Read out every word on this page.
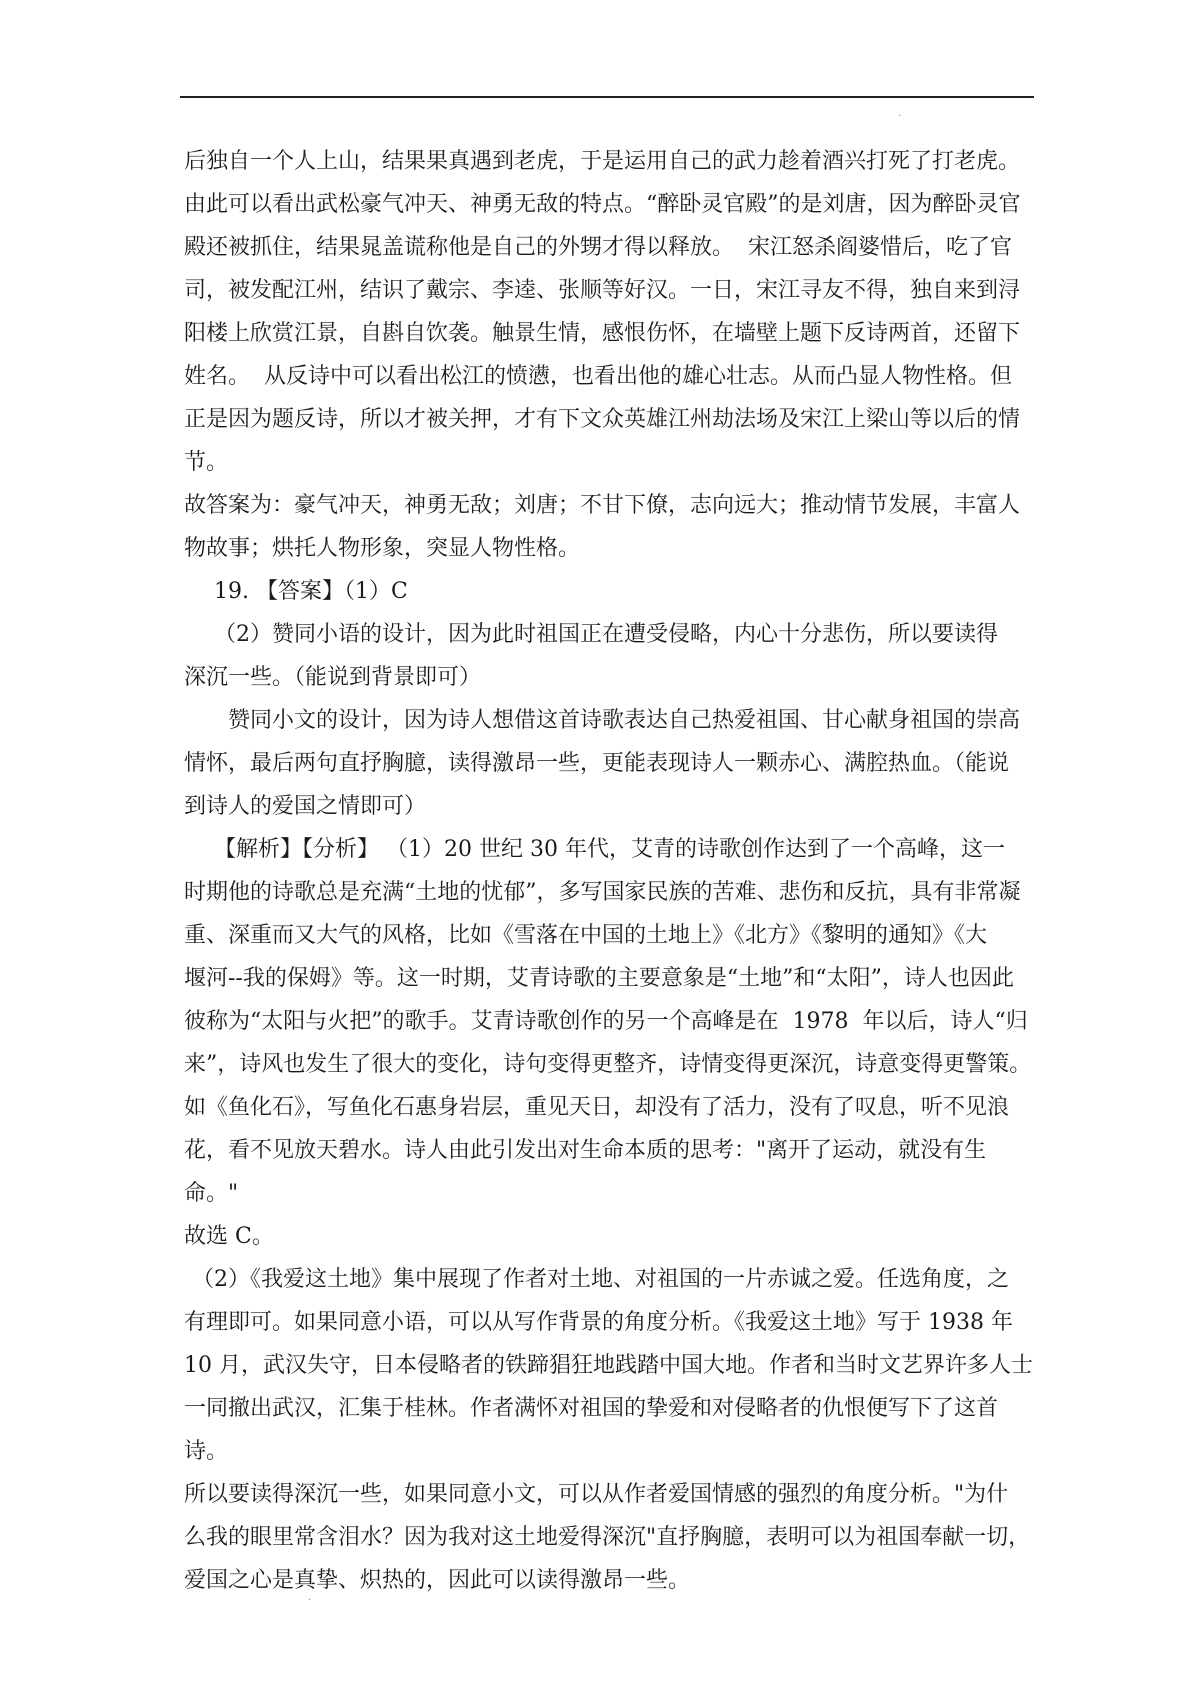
.

后独自一个人上山，结果果真遇到老虎，于是运用自己的武力趁着酒兴打死了打老虎。

由此可以看出武松豪气冲天、神勇无敌的特点。“醉卧灵官殿”的是刘唐，因为醉卧灵官

殿还被抓住，结果晁盖谎称他是自己的外甥才得以释放。  宋江怒杀阎婆惜后，吃了官

司，被发配江州，结识了戴宗、李逵、张顺等好汉。一日，宋江寻友不得，独自来到浔

阳楼上欣赏江景，自斟自饮袭。触景生情，感恨伤怀，在墙壁上题下反诗两首，还留下

姓名。  从反诗中可以看出松江的愤懑，也看出他的雄心壮志。从而凸显人物性格。但

正是因为题反诗，所以才被关押，才有下文众英雄江州劫法场及宋江上梁山等以后的情

节。

故答案为：豪气冲天，神勇无敌；刘唐；不甘下僚，志向远大；推动情节发展，丰富人

物故事；烘托人物形象，突显人物性格。

19. 【答案】（1）C

（2）赞同小语的设计，因为此时祖国正在遭受侵略，内心十分悲伤，所以要读得

深沉一些。（能说到背景即可）

赞同小文的设计，因为诗人想借这首诗歌表达自己热爱祖国、甘心献身祖国的崇高

情怀，最后两句直抒胸臆，读得激昂一些，更能表现诗人一颗赤心、满腔热血。（能说

到诗人的爱国之情即可）

【解析】【分析】 （1）20 世纪 30 年代，艾青的诗歌创作达到了一个高峰，这一

时期他的诗歌总是充满“土地的忧郁”，多写国家民族的苦难、悲伤和反抗，具有非常凝

重、深重而又大气的风格，比如《雪落在中国的土地上》《北方》《黎明的通知》《大

堰河--我的保姆》等。这一时期，艾青诗歌的主要意象是“土地”和“太阳”，诗人也因此

彼称为“太阳与火把”的歌手。艾青诗歌创作的另一个高峰是在  1978  年以后，诗人“归

来”，诗风也发生了很大的变化，诗句变得更整齐，诗情变得更深沉，诗意变得更警策。

如《鱼化石》，写鱼化石惠身岩层，重见天日，却没有了活力，没有了叹息，听不见浪

花，看不见放天碧水。诗人由此引发出对生命本质的思考："离开了运动，就没有生命。"

故选 C。

（2）《我爱这土地》集中展现了作者对土地、对祖国的一片赤诚之爱。任选角度，之

有理即可。如果同意小语，可以从写作背景的角度分析。《我爱这土地》写于 1938 年

10 月，武汉失守，日本侵略者的铁蹄猖狂地践踏中国大地。作者和当时文艺界许多人士

一同撤出武汉，汇集于桂林。作者满怀对祖国的挚爱和对侵略者的仇恨便写下了这首诗。

所以要读得深沉一些，如果同意小文，可以从作者爱国情感的强烈的角度分析。"为什

么我的眼里常含泪水？因为我对这土地爱得深沉"直抒胸臆，表明可以为祖国奉献一切，

爱国之心是真挚、炽热的，因此可以读得激昂一些。

.
